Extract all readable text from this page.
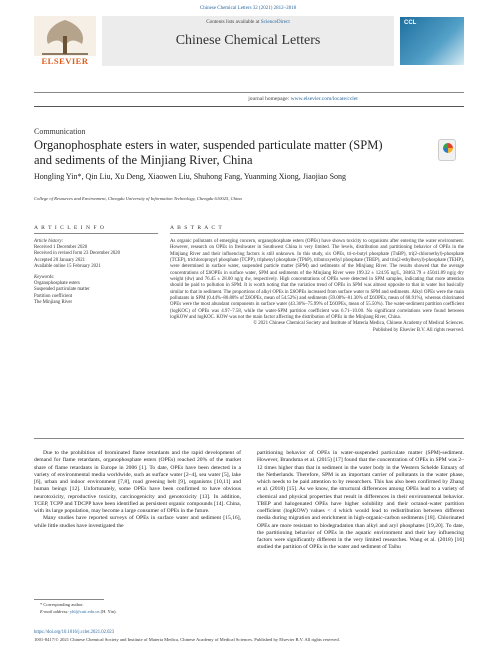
Chinese Chemical Letters 32 (2021) 2812–2818
ELSEVIER
Contents lists available at ScienceDirect
Chinese Chemical Letters
CCL
journal homepage: www.elsevier.com/locate/cclet
Communication
Organophosphate esters in water, suspended particulate matter (SPM) and sediments of the Minjiang River, China
Hongling Yin*, Qin Liu, Xu Deng, Xiaowen Liu, Shuhong Fang, Yuanming Xiong, Jiaojiao Song
College of Resources and Environment, Chengdu University of Information Technology, Chengdu 610025, China
A R T I C L E I N F O	A B S T R A C T
Article history:
Received 1 December 2020
Received in revised form 23 December 2020
Accepted 20 January 2021
Available online 15 February 2021
Keywords:
Organophosphate esters
Suspended particulate matter
Partition coefficient
The Minjiang River
As organic pollutants of emerging concern, organophosphate esters (OPEs) have shown toxicity to organisms after entering the water environment. However, research on OPEs in freshwater in Southwest China is very limited. The levels, distribution and partitioning behavior of OPEs in the Minjiang River and their influencing factors is still unknown. In this study, six OPEs, tri-n-butyl phosphate (TnBP), tri(2-chloroethyl)-phosphate (TCEP), trichloropropyl phosphate (TCPP), triphenyl phosphate (TPhP), tributoxyethyl phosphate (TBEP), and tris(2-ethylhexyl)-phosphate (TEHP), were determined in surface water, suspended particle matter (SPM) and sediments of the Minjiang River. The results showed that the average concentrations of Σ6OPEs in surface water, SPM and sediments of the Minjiang River were 199.32 ± 124.95 ng/L, 38463.79 ± 45041.89 ng/g dry weight (dw) and 76.45 ± 28.00 ng/g dw, respectively. High concentrations of OPEs were detected in SPM samples, indicating that more attention should be paid to pollution in SPM. It is worth noting that the variation trend of OPEs in SPM was almost opposite to that in water but basically similar to that in sediment. The proportions of alkyl OPEs in Σ6OPEs increased from surface water to SPM and sediments. Alkyl OPEs were the main pollutants in SPM (0.44%–80.88% of Σ6OPEs, mean of 54.52%) and sediments (59.08%–81.30% of Σ6OPEs, mean of 68.91%), whereas chlorinated OPEs were the most abundant components in surface water (43.36%–75.99% of Σ6OPEs, mean of 55.50%). The water-sediment partition coefficient (logKOC) of OPEs was 4.97–7.58, while the water-SPM partition coefficient was 6.71–10.00. No significant correlations were found between logKOW and logKOC. KOW was not the main factor affecting the distribution of OPEs in the Minjiang River, China.
© 2021 Chinese Chemical Society and Institute of Materia Medica, Chinese Academy of Medical Sciences.
Published by Elsevier B.V. All rights reserved.

Due to the prohibition of brominated flame retardants and the rapid development of demand for flame retardants, organophosphate esters (OPEs) reached 20% of the market share of flame retardants in Europe in 2006 [1]. To date, OPEs have been detected in a variety of environmental media worldwide, such as surface water [2–4], sea water [5], lake [6], urban and indoor environment [7,8], road greening belt [9], organisms [10,11] and human beings [12]. Unfortunately, some OPEs have been confirmed to have obvious neurotoxicity, reproductive toxicity, carcinogenicity and genotoxicity [13]. In addition, TCEP, TCPP and TDCPP have been identified as persistent organic compounds [14]. China, with its large population, may become a large consumer of OPEs in the future.

Many studies have reported surveys of OPEs in surface water and sediment [15,16], while little studies have investigated the

partitioning behavior of OPEs in water-suspended particulate matter (SPM)-sediment. However, Brandsma et al. (2015) [17] found that the concentration of OPEs in SPM was 2–12 times higher than that in sediment in the water body in the Western Schelde Estuary of the Netherlands. Therefore, SPM is an important carrier of pollutants in the water phase, which needs to be paid attention to by researchers. This has also been confirmed by Zhang et al. (2018) [15]. As we know, the structural differences among OPEs lead to a variety of chemical and physical properties that result in differences in their environmental behavior. TBEP and halogenated OPEs have higher solubility and their octanol-water partition coefficient (logKOW) values < 4 which would lead to redistribution between different media during migration and enrichment in high-organic-carbon sediments [18]. Chlorinated OPEs are more resistant to biodegradation than alkyl and aryl phosphates [19,20]. To date, the partitioning behavior of OPEs in the aquatic environment and their key influencing factors were significantly different in the very limited researches. Wang et al. (2018) [16] studied the partition of OPEs in the water and sediment of Taihu

* Corresponding author.
E-mail address: yhl@cuit.edu.cn (H. Yin).
https://doi.org/10.1016/j.cclet.2021.02.023
1001-8417/© 2021 Chinese Chemical Society and Institute of Materia Medica, Chinese Academy of Medical Sciences. Published by Elsevier B.V. All rights reserved.
